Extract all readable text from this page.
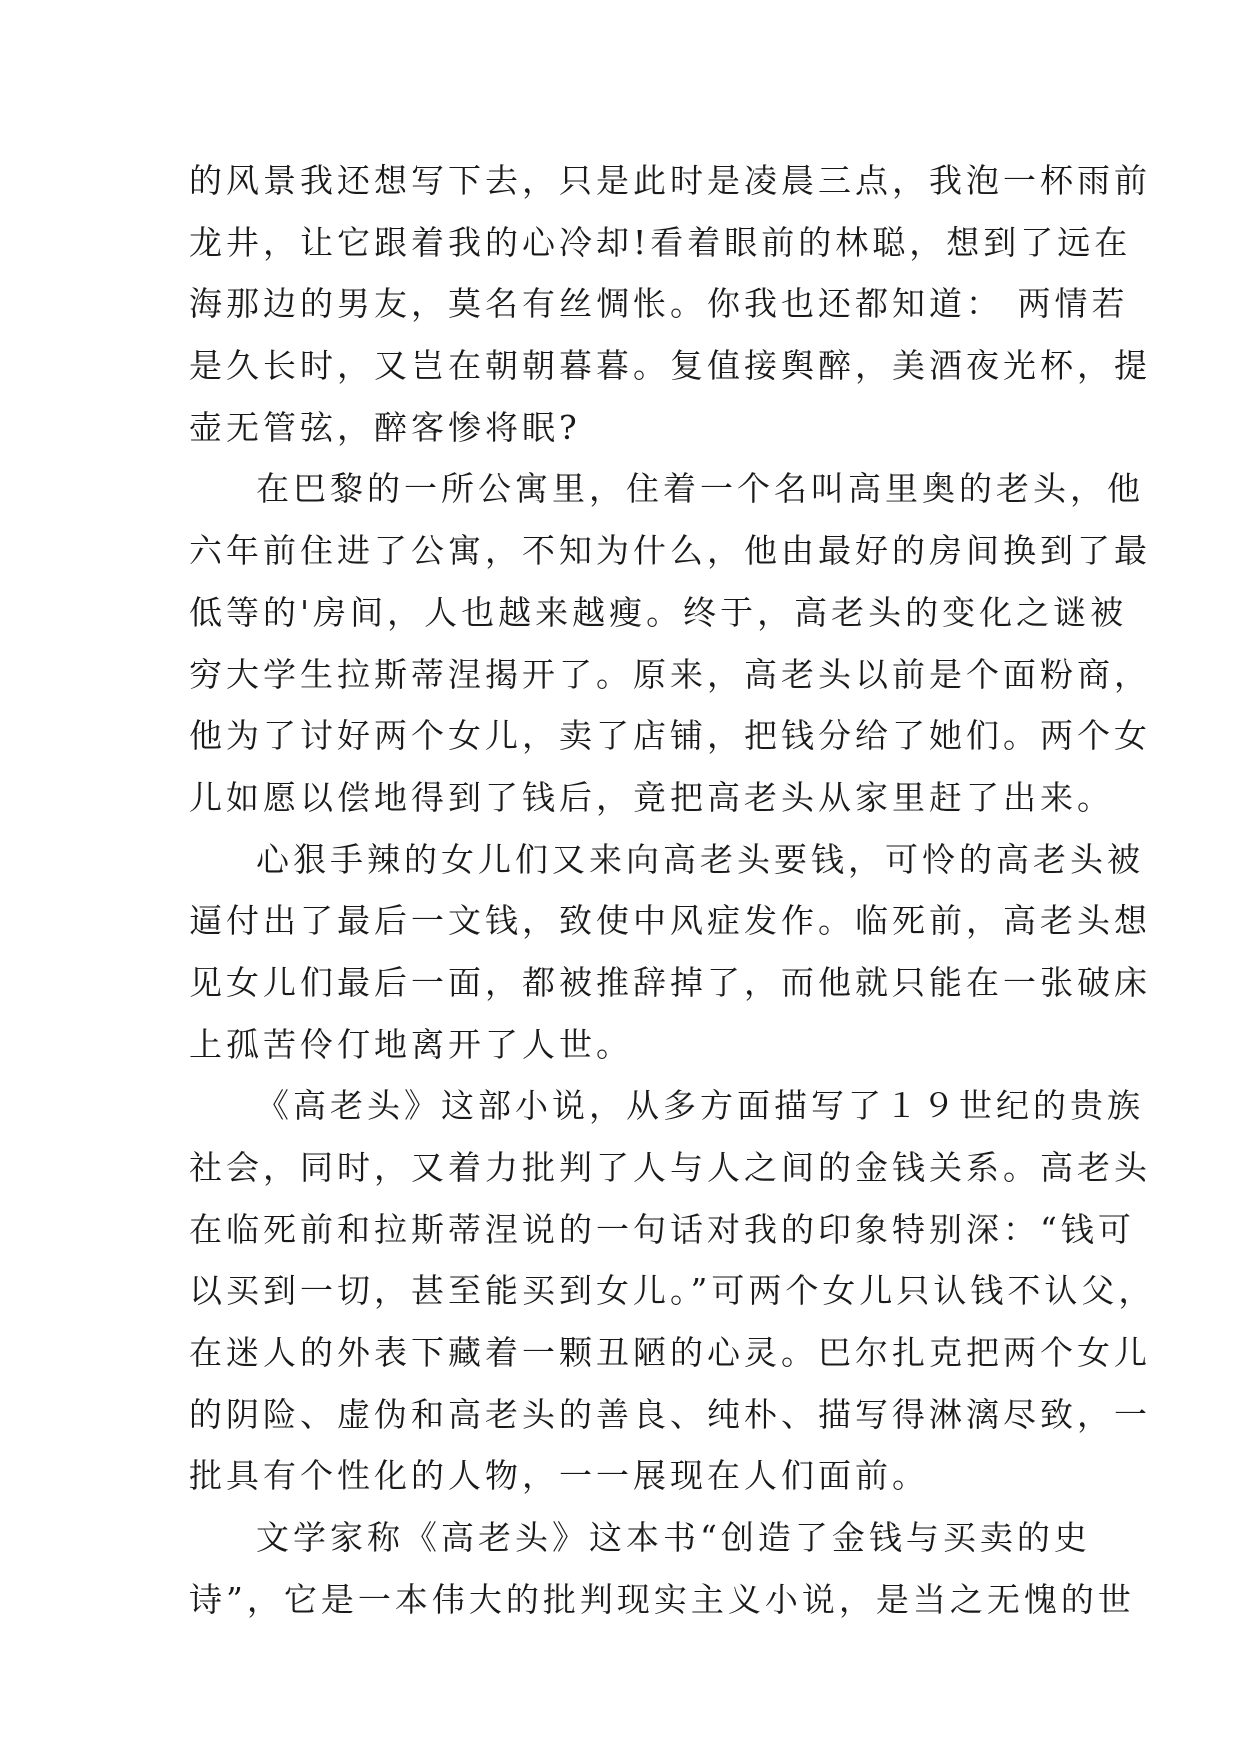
的风景我还想写下去，只是此时是凌晨三点，我泡一杯雨前
龙井，让它跟着我的心冷却!看着眼前的林聪，想到了远在
海那边的男友，莫名有丝惆怅。你我也还都知道： 两情若
是久长时，又岂在朝朝暮暮。复值接舆醉，美酒夜光杯，提
壶无管弦，醉客惨将眠?
在巴黎的一所公寓里，住着一个名叫高里奥的老头，他
六年前住进了公寓，不知为什么，他由最好的房间换到了最
低等的'房间，人也越来越瘦。终于，高老头的变化之谜被
穷大学生拉斯蒂涅揭开了。原来，高老头以前是个面粉商，
他为了讨好两个女儿，卖了店铺，把钱分给了她们。两个女
儿如愿以偿地得到了钱后，竟把高老头从家里赶了出来。
心狠手辣的女儿们又来向高老头要钱，可怜的高老头被
逼付出了最后一文钱，致使中风症发作。临死前，高老头想
见女儿们最后一面，都被推辞掉了，而他就只能在一张破床
上孤苦伶仃地离开了人世。
《高老头》这部小说，从多方面描写了１９世纪的贵族
社会，同时，又着力批判了人与人之间的金钱关系。高老头
在临死前和拉斯蒂涅说的一句话对我的印象特别深：“钱可
以买到一切，甚至能买到女儿。”可两个女儿只认钱不认父，
在迷人的外表下藏着一颗丑陋的心灵。巴尔扎克把两个女儿
的阴险、虚伪和高老头的善良、纯朴、描写得淋漓尽致，一
批具有个性化的人物，一一展现在人们面前。
文学家称《高老头》这本书“创造了金钱与买卖的史
诗”，它是一本伟大的批判现实主义小说，是当之无愧的世
